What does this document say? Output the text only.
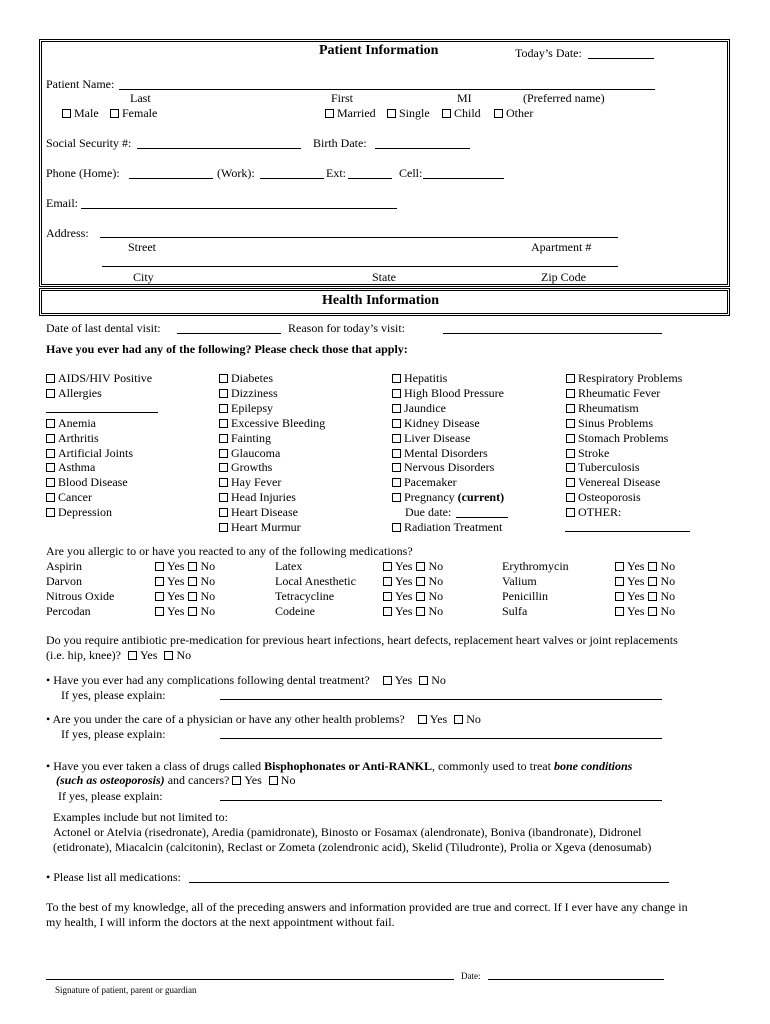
Patient Information	Today’s Date:
Patient Name:
Last	First	MI	(Preferred name)
Male	Female	Married	Single	Child	Other
Social Security #:	Birth Date:
Phone (Home):	(Work):	Ext:	Cell:
Email:
Address:
Street	Apartment #
City	State	Zip Code
Health Information
Date of last dental visit:	Reason for today’s visit:
Have you ever had any of the following? Please check those that apply:
AIDS/HIV Positive
Allergies
Anemia
Arthritis
Artificial Joints
Asthma
Blood Disease
Cancer
Depression
Diabetes
Dizziness
Epilepsy
Excessive Bleeding
Fainting
Glaucoma
Growths
Hay Fever
Head Injuries
Heart Disease
Heart Murmur
Hepatitis
High Blood Pressure
Jaundice
Kidney Disease
Liver Disease
Mental Disorders
Nervous Disorders
Pacemaker
Pregnancy (current)
Due date:
Radiation Treatment
Respiratory Problems
Rheumatic Fever
Rheumatism
Sinus Problems
Stomach Problems
Stroke
Tuberculosis
Venereal Disease
Osteoporosis
OTHER:
Are you allergic to or have you reacted to any of the following medications?
Aspirin	Yes No	Latex	Yes No	Erythromycin	Yes No
Darvon	Yes No	Local Anesthetic	Yes No	Valium	Yes No
Nitrous Oxide	Yes No	Tetracycline	Yes No	Penicillin	Yes No
Percodan	Yes No	Codeine	Yes No	Sulfa	Yes No
Do you require antibiotic pre-medication for previous heart infections, heart defects, replacement heart valves or joint replacements
(i.e. hip, knee)? Yes No
• Have you ever had any complications following dental treatment? Yes No
If yes, please explain:
• Are you under the care of a physician or have any other health problems? Yes No
If yes, please explain:
• Have you ever taken a class of drugs called Bisphophonates or Anti-RANKL, commonly used to treat bone conditions
(such as osteoporosis) and cancers? Yes No
If yes, please explain:
Examples include but not limited to:
Actonel or Atelvia (risedronate), Aredia (pamidronate), Binosto or Fosamax (alendronate), Boniva (ibandronate), Didronel
(etidronate), Miacalcin (calcitonin), Reclast or Zometa (zolendronic acid), Skelid (Tiludronte), Prolia or Xgeva (denosumab)
• Please list all medications:
To the best of my knowledge, all of the preceding answers and information provided are true and correct. If I ever have any change in
my health, I will inform the doctors at the next appointment without fail.
Date:
Signature of patient, parent or guardian
